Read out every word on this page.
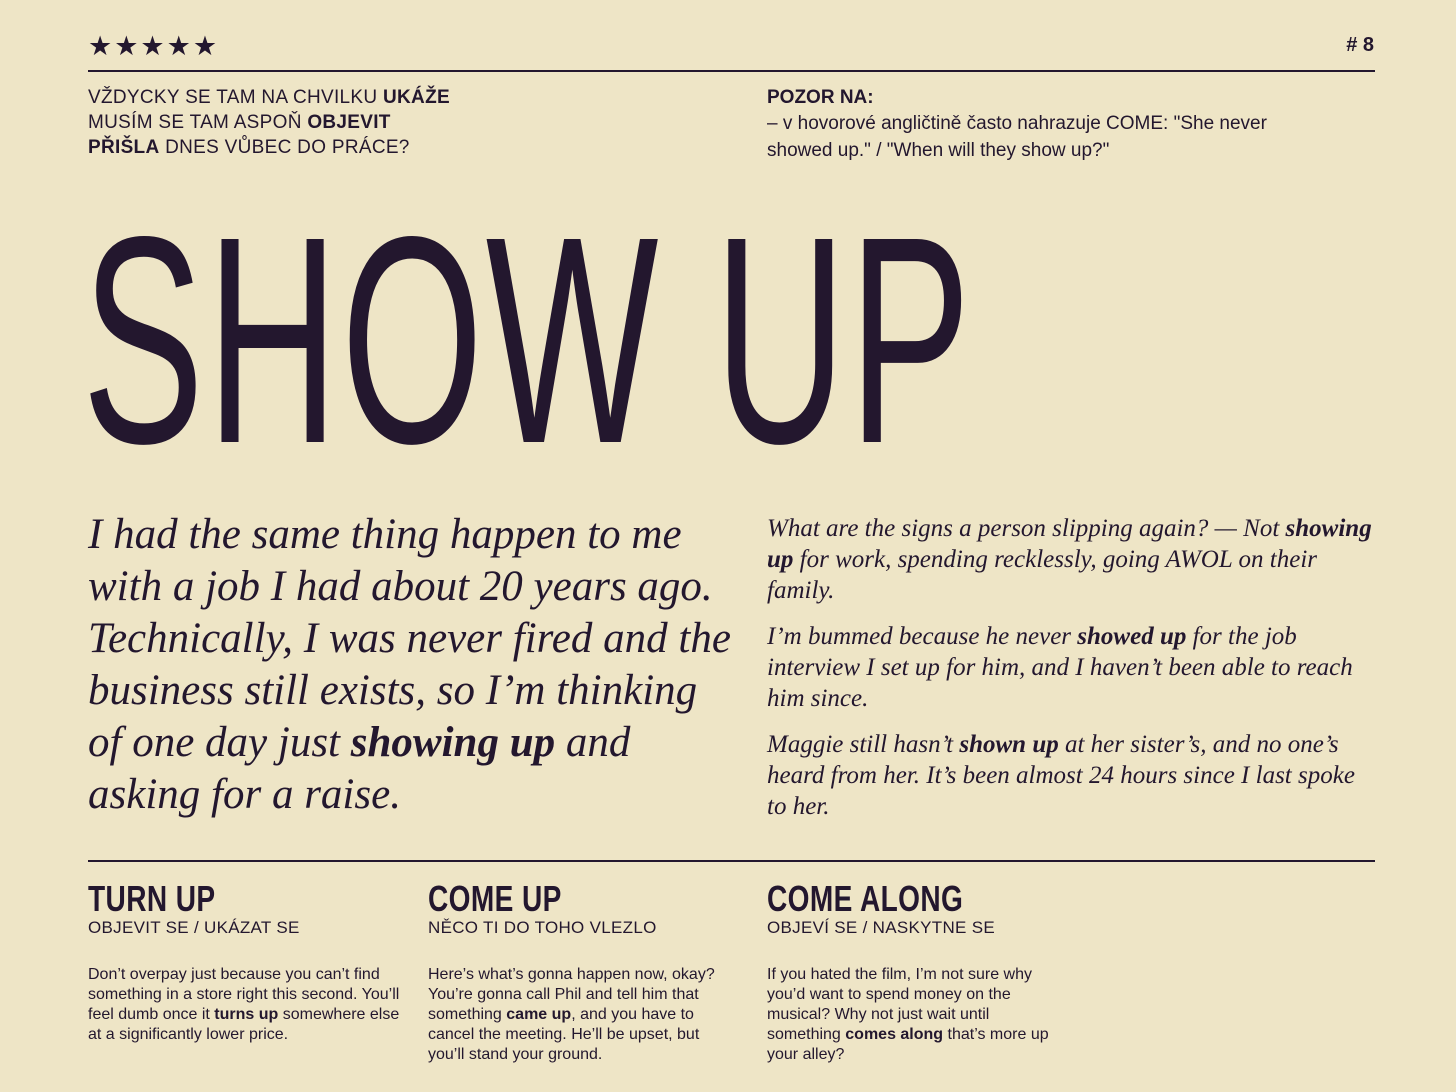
★★★★★	# 8
VŽDYCKY SE TAM NA CHVILKU UKÁŽE
MUSÍM SE TAM ASPOŇ OBJEVIT
PŘIŠLA DNES VŮBEC DO PRÁCE?
POZOR NA:
– v hovorové angličtině často nahrazuje COME: "She never showed up." / "When will they show up?"
SHOW UP
I had the same thing happen to me with a job I had about 20 years ago. Technically, I was never fired and the business still exists, so I’m thinking of one day just showing up and asking for a raise.

What are the signs a person slipping again? — Not showing up for work, spending recklessly, going AWOL on their family.

I’m bummed because he never showed up for the job interview I set up for him, and I haven’t been able to reach him since.

Maggie still hasn’t shown up at her sister’s, and no one’s heard from her. It’s been almost 24 hours since I last spoke to her.

TURN UP
OBJEVIT SE / UKÁZAT SE
Don’t overpay just because you can’t find something in a store right this second. You’ll feel dumb once it turns up somewhere else at a significantly lower price.
COME UP
NĚCO TI DO TOHO VLEZLO
Here’s what’s gonna happen now, okay? You’re gonna call Phil and tell him that something came up, and you have to cancel the meeting. He’ll be upset, but you’ll stand your ground.
COME ALONG
OBJEVÍ SE / NASKYTNE SE
If you hated the film, I’m not sure why you’d want to spend money on the musical? Why not just wait until something comes along that’s more up your alley?
